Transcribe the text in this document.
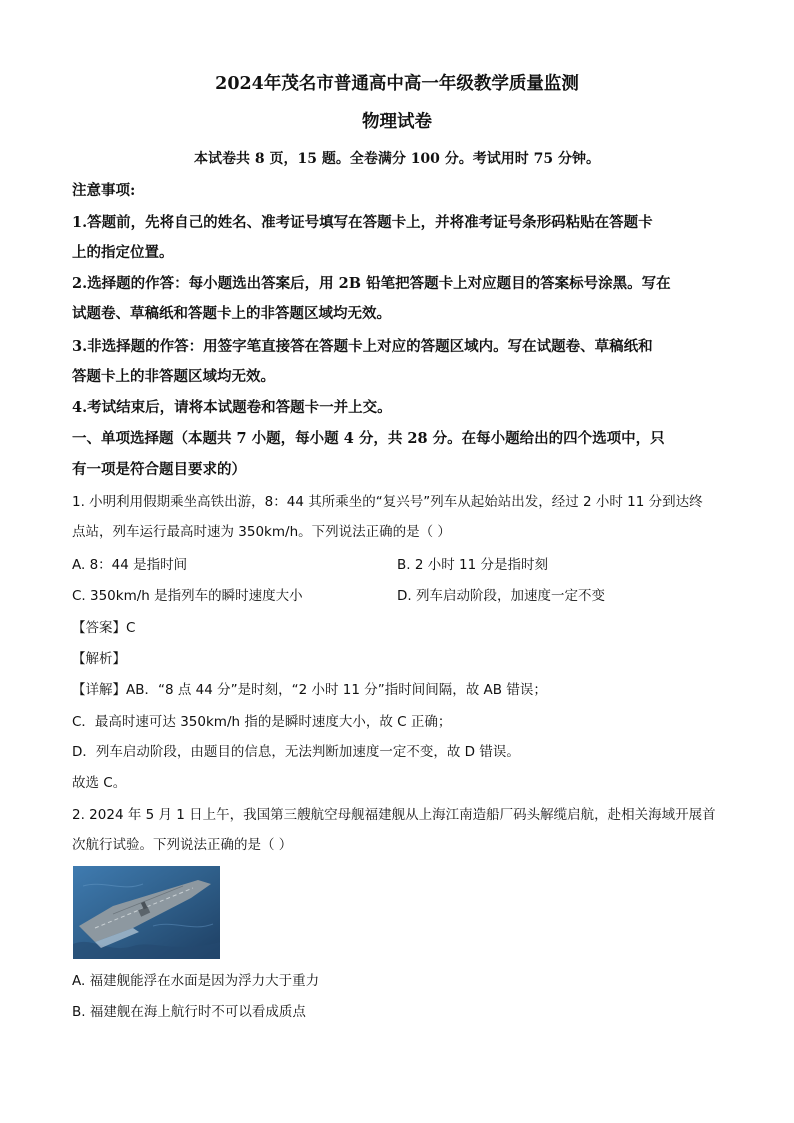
2024年茂名市普通高中高一年级教学质量监测
物理试卷
本试卷共 8 页，15 题。全卷满分 100 分。考试用时 75 分钟。
注意事项:
1.答题前，先将自己的姓名、准考证号填写在答题卡上，并将准考证号条形码粘贴在答题卡
上的指定位置。
2.选择题的作答：每小题选出答案后，用 2B 铅笔把答题卡上对应题目的答案标号涂黑。写在
试题卷、草稿纸和答题卡上的非答题区域均无效。
3.非选择题的作答：用签字笔直接答在答题卡上对应的答题区域内。写在试题卷、草稿纸和
答题卡上的非答题区域均无效。
4.考试结束后，请将本试题卷和答题卡一并上交。
一、单项选择题（本题共 7 小题，每小题 4 分，共 28 分。在每小题给出的四个选项中，只
有一项是符合题目要求的）
1. 小明利用假期乘坐高铁出游，8：44 其所乘坐的“复兴号”列车从起始站出发，经过 2 小时 11 分到达终
点站，列车运行最高时速为 350km/h。下列说法正确的是（ ）
A. 8：44 是指时间	B. 2 小时 11 分是指时刻
C. 350km/h 是指列车的瞬时速度大小	D. 列车启动阶段，加速度一定不变
【答案】C
【解析】
【详解】AB．“8 点 44 分”是时刻，“2 小时 11 分”指时间间隔，故 AB 错误；
C．最高时速可达 350km/h 指的是瞬时速度大小，故 C 正确；
D．列车启动阶段，由题目的信息，无法判断加速度一定不变，故 D 错误。
故选 C。
2. 2024 年 5 月 1 日上午，我国第三艘航空母舰福建舰从上海江南造船厂码头解缆启航，赴相关海域开展首
次航行试验。下列说法正确的是（ ）
A. 福建舰能浮在水面是因为浮力大于重力
B. 福建舰在海上航行时不可以看成质点
